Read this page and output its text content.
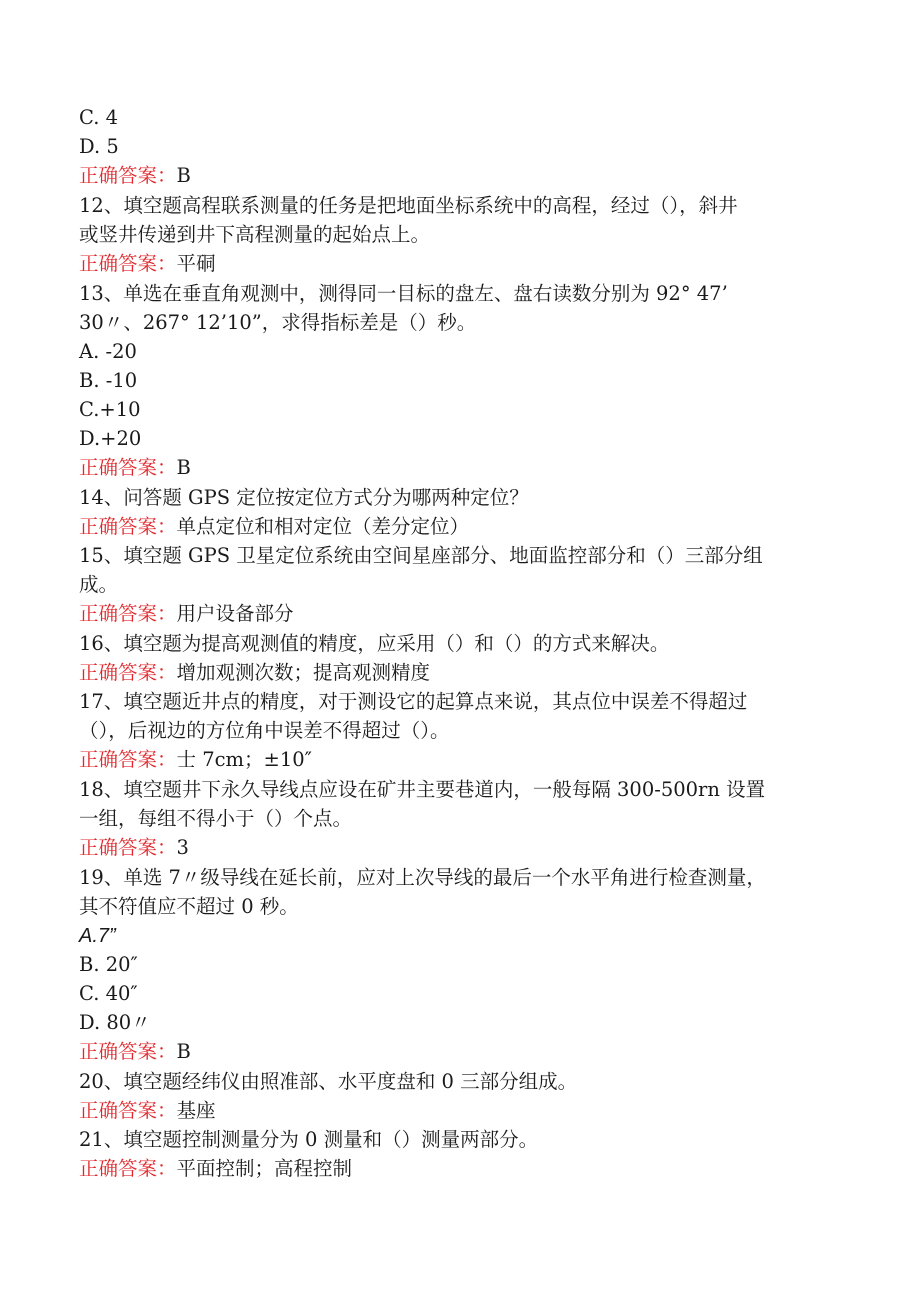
C. 4
D. 5
正确答案：B
12、填空题高程联系测量的任务是把地面坐标系统中的高程，经过（），斜井
或竖井传递到井下高程测量的起始点上。
正确答案：平硐
13、单选在垂直角观测中，测得同一目标的盘左、盘右读数分别为 92° 47’
30〃、267° 12’10”，求得指标差是（）秒。
A. -20
B. -10
C.+10
D.+20
正确答案：B
14、问答题 GPS 定位按定位方式分为哪两种定位？
正确答案：单点定位和相对定位（差分定位）
15、填空题 GPS 卫星定位系统由空间星座部分、地面监控部分和（）三部分组
成。
正确答案：用户设备部分
16、填空题为提高观测值的精度，应采用（）和（）的方式来解决。
正确答案：增加观测次数；提高观测精度
17、填空题近井点的精度，对于测设它的起算点来说，其点位中误差不得超过
（），后视边的方位角中误差不得超过（）。
正确答案：士 7cm；±10″
18、填空题井下永久导线点应设在矿井主要巷道内，一般每隔 300-500rn 设置
一组，每组不得小于（）个点。
正确答案：3
19、单选 7〃级导线在延长前，应对上次导线的最后一个水平角进行检查测量，
其不符值应不超过 0 秒。
A.7”
B. 20″
C. 40″
D. 80〃
正确答案：B
20、填空题经纬仪由照准部、水平度盘和 0 三部分组成。
正确答案：基座
21、填空题控制测量分为 0 测量和（）测量两部分。
正确答案：平面控制；高程控制
